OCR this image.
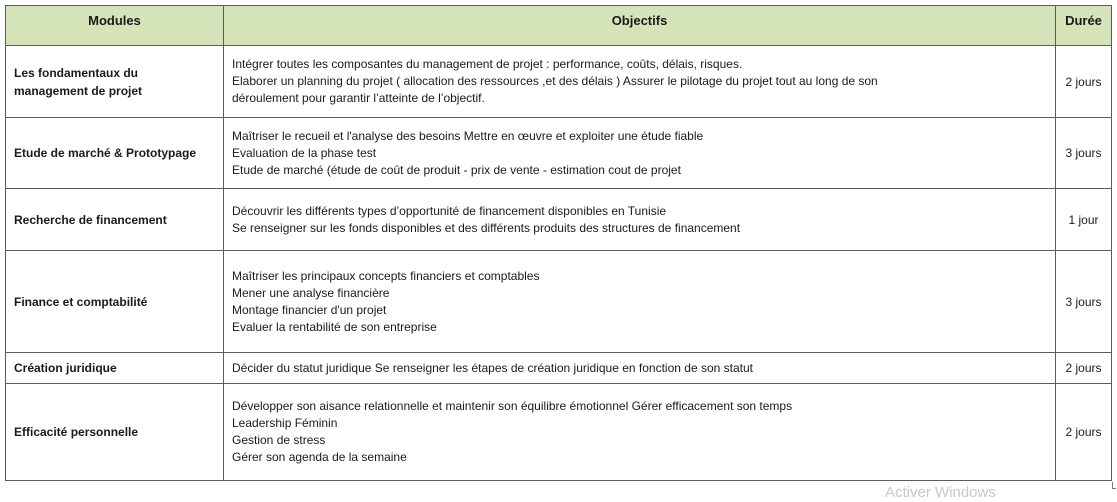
Modules	Objectifs	Durée
Les fondamentaux du management de projet	Intégrer toutes les composantes du management de projet : performance, coûts, délais, risques.
Elaborer un planning du projet ( allocation des ressources ,et des délais ) Assurer le pilotage du projet tout au long de son
déroulement pour garantir l’atteinte de l’objectif.	2 jours
Etude de marché & Prototypage	Maîtriser le recueil et l'analyse des besoins Mettre en œuvre et exploiter une étude fiable
Evaluation de la phase test
Etude de marché (étude de coût de produit - prix de vente - estimation cout de projet	3 jours
Recherche de financement	Découvrir les différents types d’opportunité de financement disponibles en Tunisie
Se renseigner sur les fonds disponibles et des différents produits des structures de financement	1 jour
Finance et comptabilité	Maîtriser les principaux concepts financiers et comptables
Mener une analyse financière
Montage financier d'un projet
Evaluer la rentabilité de son entreprise	3 jours
Création juridique	Décider du statut juridique Se renseigner les étapes de création juridique en fonction de son statut	2 jours
Efficacité personnelle	Développer son aisance relationnelle et maintenir son équilibre émotionnel Gérer efficacement son temps
Leadership Féminin
Gestion de stress
Gérer son agenda de la semaine	2 jours
Activer Windows
